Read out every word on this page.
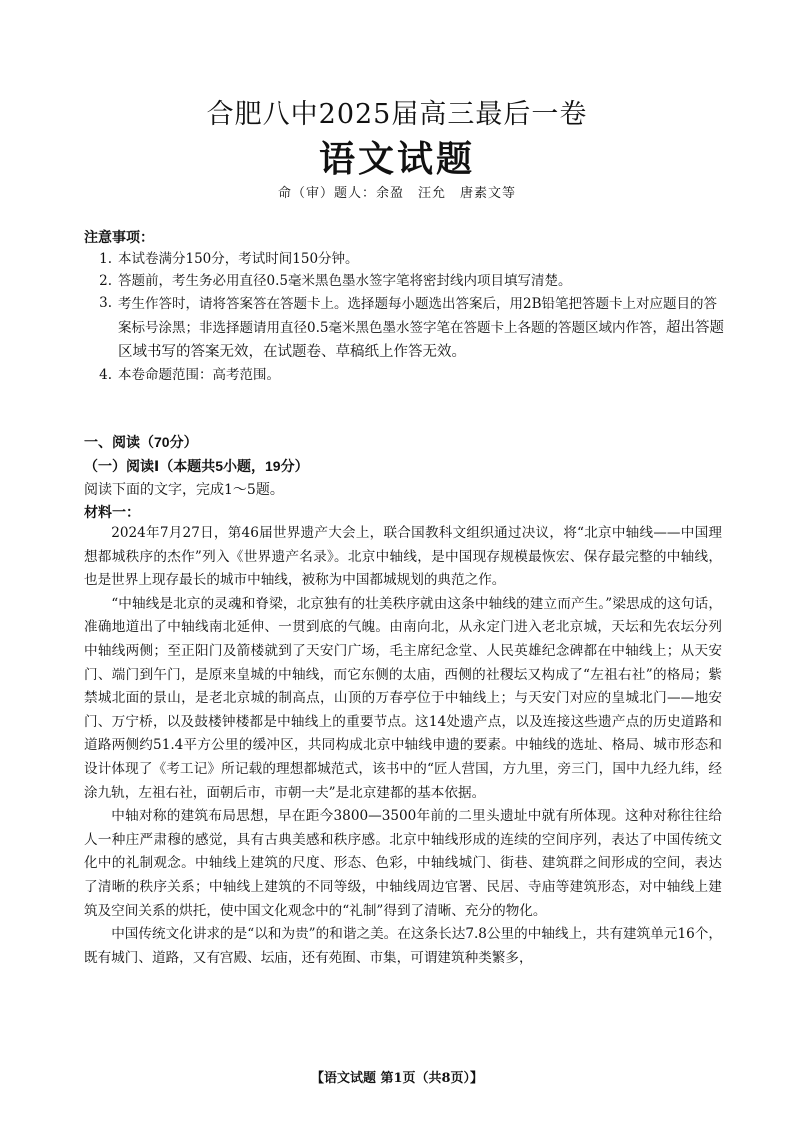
合肥八中2025届高三最后一卷
语文试题
命（审）题人：余盈　汪允　唐素文等
注意事项：
1. 本试卷满分150分，考试时间150分钟。
2. 答题前，考生务必用直径0.5毫米黑色墨水签字笔将密封线内项目填写清楚。
3. 考生作答时，请将答案答在答题卡上。选择题每小题选出答案后，用2B铅笔把答题卡上对应题目的答案标号涂黑；非选择题请用直径0.5毫米黑色墨水签字笔在答题卡上各题的答题区域内作答，超出答题区域书写的答案无效，在试题卷、草稿纸上作答无效。
4. 本卷命题范围：高考范围。
一、阅读（70分）
（一）阅读Ⅰ（本题共5小题，19分）
阅读下面的文字，完成1～5题。
材料一：

2024年7月27日，第46届世界遗产大会上，联合国教科文组织通过决议，将“北京中轴线——中国理想都城秩序的杰作”列入《世界遗产名录》。北京中轴线，是中国现存规模最恢宏、保存最完整的中轴线，也是世界上现存最长的城市中轴线，被称为中国都城规划的典范之作。

“中轴线是北京的灵魂和脊梁，北京独有的壮美秩序就由这条中轴线的建立而产生。”梁思成的这句话，准确地道出了中轴线南北延伸、一贯到底的气魄。由南向北，从永定门进入老北京城，天坛和先农坛分列中轴线两侧；至正阳门及箭楼就到了天安门广场，毛主席纪念堂、人民英雄纪念碑都在中轴线上；从天安门、端门到午门，是原来皇城的中轴线，而它东侧的太庙，西侧的社稷坛又构成了“左祖右社”的格局；紫禁城北面的景山，是老北京城的制高点，山顶的万春亭位于中轴线上；与天安门对应的皇城北门——地安门、万宁桥，以及鼓楼钟楼都是中轴线上的重要节点。这14处遗产点，以及连接这些遗产点的历史道路和道路两侧约51.4平方公里的缓冲区，共同构成北京中轴线申遗的要素。中轴线的选址、格局、城市形态和设计体现了《考工记》所记载的理想都城范式，该书中的“匠人营国，方九里，旁三门，国中九经九纬，经涂九轨，左祖右社，面朝后市，市朝一夫”是北京建都的基本依据。

中轴对称的建筑布局思想，早在距今3800—3500年前的二里头遗址中就有所体现。这种对称往往给人一种庄严肃穆的感觉，具有古典美感和秩序感。北京中轴线形成的连续的空间序列，表达了中国传统文化中的礼制观念。中轴线上建筑的尺度、形态、色彩，中轴线城门、街巷、建筑群之间形成的空间，表达了清晰的秩序关系；中轴线上建筑的不同等级，中轴线周边官署、民居、寺庙等建筑形态，对中轴线上建筑及空间关系的烘托，使中国文化观念中的“礼制”得到了清晰、充分的物化。

中国传统文化讲求的是“以和为贵”的和谐之美。在这条长达7.8公里的中轴线上，共有建筑单元16个，既有城门、道路，又有宫殿、坛庙，还有苑囿、市集，可谓建筑种类繁多，

【语文试题 第1页（共8页）】
